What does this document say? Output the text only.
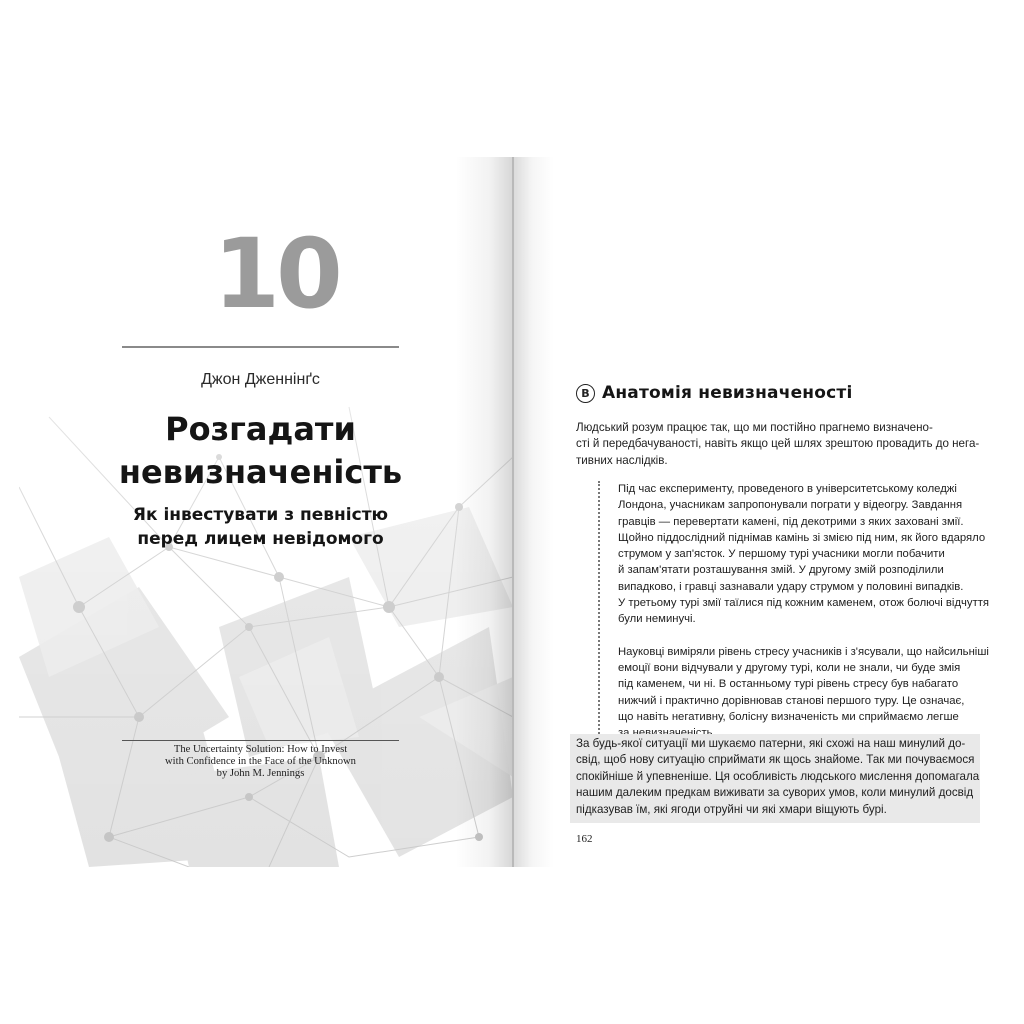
10
Джон Дженнінґс
Розгадати
невизначеність
Як інвестувати з певністю
перед лицем невідомого
The Uncertainty Solution: How to Invest
with Confidence in the Face of the Unknown
by John M. Jennings
В Анатомія невизначеності

Людський розум працює так, що ми постійно прагнемо визначено-
сті й передбачуваності, навіть якщо цей шлях зрештою провадить до нега-
тивних наслідків.

Під час експерименту, проведеного в університетському коледжі
Лондона, учасникам запропонували пограти у відеогру. Завдання
гравців — перевертати камені, під декотрими з яких заховані змії.
Щойно піддослідний піднімав камінь зі змією під ним, як його вдаряло
струмом у зап'ясток. У першому турі учасники могли побачити
й запам'ятати розташування змій. У другому змій розподілили
випадково, і гравці зазнавали удару струмом у половині випадків.
У третьому турі змії таїлися під кожним каменем, отож болючі відчуття
були неминучі.

Науковці виміряли рівень стресу учасників і з'ясували, що найсильніші
емоції вони відчували у другому турі, коли не знали, чи буде змія
під каменем, чи ні. В останньому турі рівень стресу був набагато
нижчий і практично дорівнював станові першого туру. Це означає,
що навіть негативну, болісну визначеність ми сприймаємо легше

За будь-якої ситуації ми шукаємо патерни, які схожі на наш минулий до-
свід, щоб нову ситуацію сприймати як щось знайоме. Так ми почуваємося
спокійніше й упевненіше. Ця особливість людського мислення допомагала
нашим далеким предкам виживати за суворих умов, коли минулий досвід
підказував їм, які ягоди отруйні чи які хмари віщують бурі.

162
